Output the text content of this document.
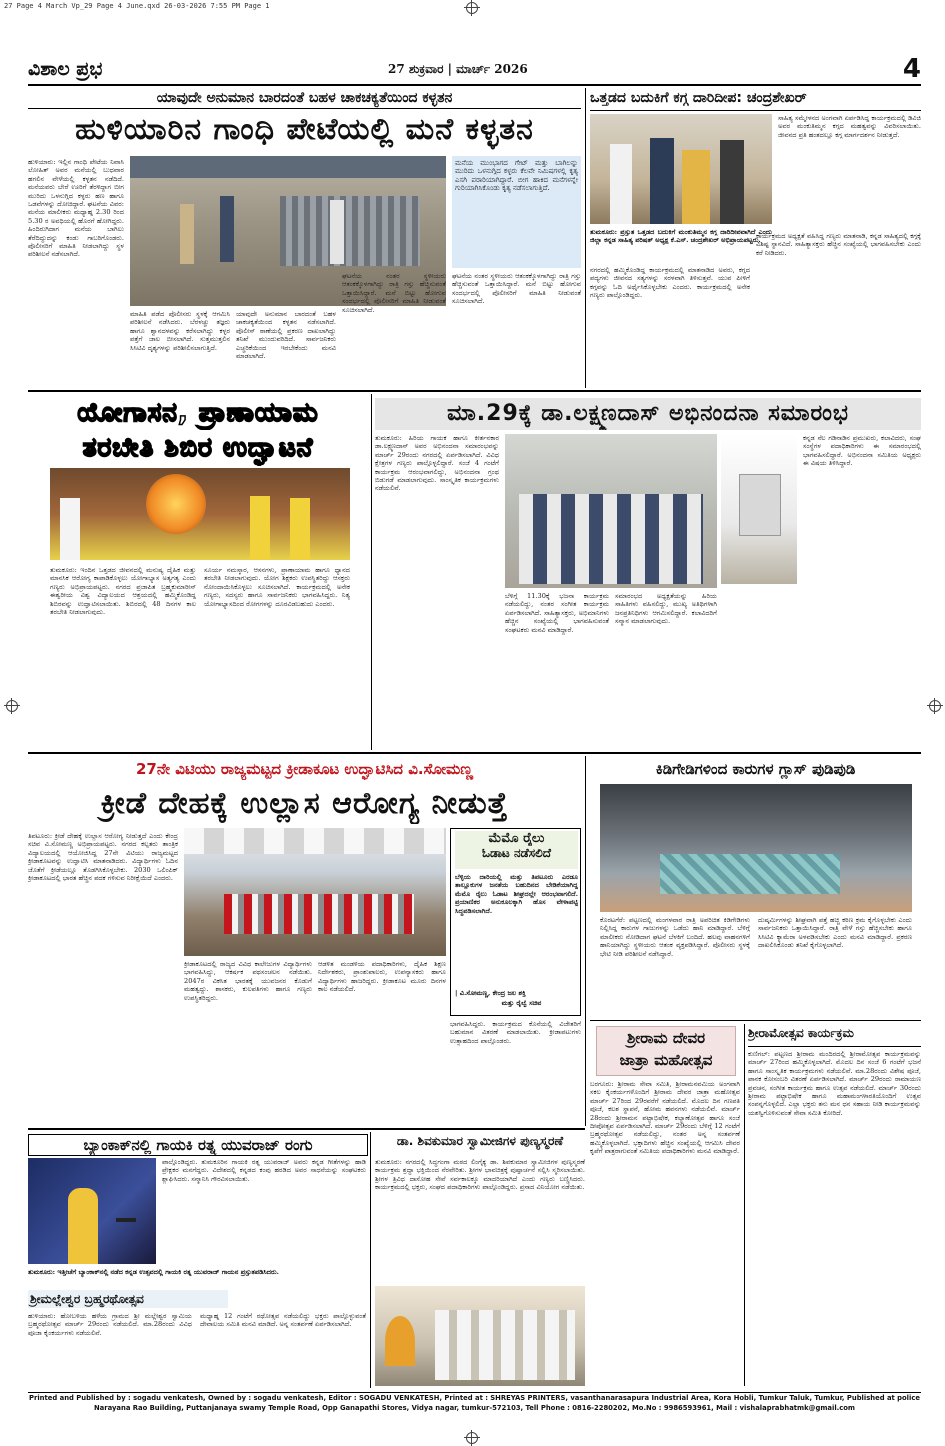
27 Page 4 March Vp_29 Page 4 June.qxd 26-03-2026 7:55 PM Page 1
ವಿಶಾಲ ಪ್ರಭ	27 ಶುಕ್ರವಾರ | ಮಾರ್ಚ್ 2026	4
ಯಾವುದೇ ಅನುಮಾನ ಬಾರದಂತೆ ಬಹಳ ಚಾಕಚಕ್ಯತೆಯಿಂದ ಕಳ್ಳತನ
ಹುಳಿಯಾರಿನ ಗಾಂಧಿ ಪೇಟೆಯಲ್ಲಿ ಮನೆ ಕಳ್ಳತನ
ಹುಳಿಯಾರು: ಇಲ್ಲಿನ ಗಾಂಧಿ ಪೇಟೆಯ ನಿವಾಸಿ ಲೋಹಿತ್ ಅವರ ಮನೆಯಲ್ಲಿ ಬುಧವಾರ ಹಗಲಿನ ವೇಳೆಯಲ್ಲಿ ಕಳ್ಳತನ ನಡೆದಿದೆ. ಮನೆಯವರು ಬೇರೆ ಊರಿಗೆ ತೆರಳಿದ್ದಾಗ ಬೀಗ ಮುರಿದು ಒಳನುಗ್ಗಿದ ಕಳ್ಳರು ಹಣ ಹಾಗೂ ಒಡವೆಗಳನ್ನು ದೋಚಿದ್ದಾರೆ. ಘಟನೆಯ ವಿವರ: ಮನೆಯ ಮಾಲೀಕರು ಮಧ್ಯಾಹ್ನ 2.30 ರಿಂದ 5.30 ರ ಅವಧಿಯಲ್ಲಿ ಹೊರಗೆ ಹೋಗಿದ್ದರು. ಹಿಂದಿರುಗಿದಾಗ ಮನೆಯ ಬಾಗಿಲು ತೆರೆದಿದ್ದುದನ್ನು ಕಂಡು ಗಾಬರಿಗೊಂಡರು. ಪೊಲೀಸರಿಗೆ ಮಾಹಿತಿ ನೀಡಲಾಗಿದ್ದು ಸ್ಥಳ ಪರಿಶೀಲನೆ ನಡೆಸಲಾಗಿದೆ.
ಮನೆಯ ಮುಂಭಾಗದ ಗೇಟ್ ಮತ್ತು ಬಾಗಿಲನ್ನು ಮುರಿದು ಒಳನುಗ್ಗಿದ ಕಳ್ಳರು ಕೆಲವೇ ನಿಮಿಷಗಳಲ್ಲಿ ಕೃತ್ಯ ಎಸಗಿ ಪರಾರಿಯಾಗಿದ್ದಾರೆ. ಬೀಗ ಹಾಕಿದ ಮನೆಗಳನ್ನೇ ಗುರಿಯಾಗಿಸಿಕೊಂಡು ಕೃತ್ಯ ನಡೆಸಲಾಗುತ್ತಿದೆ.
ಮಾಹಿತಿ ಪಡೆದ ಪೊಲೀಸರು ಸ್ಥಳಕ್ಕೆ ಆಗಮಿಸಿ ಪರಿಶೀಲನೆ ನಡೆಸಿದರು. ಬೆರಳಚ್ಚು ತಜ್ಞರು ಹಾಗೂ ಶ್ವಾನದಳವನ್ನು ಕರೆಸಲಾಗಿದ್ದು ಕಳ್ಳರ ಪತ್ತೆಗೆ ಜಾಲ ಬೀಸಲಾಗಿದೆ. ಸುತ್ತಮುತ್ತಲಿನ ಸಿಸಿಟಿವಿ ದೃಶ್ಯಗಳನ್ನು ಪರಿಶೀಲಿಸಲಾಗುತ್ತಿದೆ.
ಯಾವುದೇ ಅನುಮಾನ ಬಾರದಂತೆ ಬಹಳ ಚಾಕಚಕ್ಯತೆಯಿಂದ ಕಳ್ಳತನ ನಡೆಸಲಾಗಿದೆ. ಪೊಲೀಸ್ ಠಾಣೆಯಲ್ಲಿ ಪ್ರಕರಣ ದಾಖಲಾಗಿದ್ದು ತನಿಖೆ ಮುಂದುವರಿದಿದೆ. ಸಾರ್ವಜನಿಕರು ಎಚ್ಚರಿಕೆಯಿಂದ ಇರಬೇಕೆಂದು ಮನವಿ ಮಾಡಲಾಗಿದೆ.
ಘಟನೆಯ ನಂತರ ಸ್ಥಳೀಯರು ಆತಂಕಕ್ಕೊಳಗಾಗಿದ್ದು ರಾತ್ರಿ ಗಸ್ತು ಹೆಚ್ಚಿಸುವಂತೆ ಒತ್ತಾಯಿಸಿದ್ದಾರೆ. ಮನೆ ಬಿಟ್ಟು ಹೋಗುವ ಸಂದರ್ಭದಲ್ಲಿ ಪೊಲೀಸರಿಗೆ ಮಾಹಿತಿ ನೀಡುವಂತೆ ಸೂಚಿಸಲಾಗಿದೆ.
ಘಟನೆಯ ನಂತರ ಸ್ಥಳೀಯರು ಆತಂಕಕ್ಕೊಳಗಾಗಿದ್ದು ರಾತ್ರಿ ಗಸ್ತು ಹೆಚ್ಚಿಸುವಂತೆ ಒತ್ತಾಯಿಸಿದ್ದಾರೆ. ಮನೆ ಬಿಟ್ಟು ಹೋಗುವ ಸಂದರ್ಭದಲ್ಲಿ ಪೊಲೀಸರಿಗೆ ಮಾಹಿತಿ ನೀಡುವಂತೆ ಸೂಚಿಸಲಾಗಿದೆ.
ಒತ್ತಡದ ಬದುಕಿಗೆ ಕಗ್ಗ ದಾರಿದೀಪ: ಚಂದ್ರಶೇಖರ್
ಸಾಹಿತ್ಯ ಸಮ್ಮೇಳನದ ಅಂಗವಾಗಿ ಏರ್ಪಡಿಸಿದ್ದ ಕಾರ್ಯಕ್ರಮದಲ್ಲಿ ಡಿವಿಜಿ ಅವರ ಮಂಕುತಿಮ್ಮನ ಕಗ್ಗದ ಮಹತ್ವವನ್ನು ವಿವರಿಸಲಾಯಿತು. ಜೀವನದ ಪ್ರತಿ ಹಂತದಲ್ಲೂ ಕಗ್ಗ ಮಾರ್ಗದರ್ಶನ ನೀಡುತ್ತದೆ.
ತುಮಕೂರು: ಪ್ರಸ್ತುತ ಒತ್ತಡದ ಬದುಕಿಗೆ ಮಂಕುತಿಮ್ಮನ ಕಗ್ಗ ದಾರಿದೀಪವಾಗಿದೆ ಎಂದು ಜಿಲ್ಲಾ ಕನ್ನಡ ಸಾಹಿತ್ಯ ಪರಿಷತ್ ಅಧ್ಯಕ್ಷ ಕೆ.ಎಸ್. ಚಂದ್ರಶೇಖರ್ ಅಭಿಪ್ರಾಯಪಟ್ಟರು.
ನಗರದಲ್ಲಿ ಹಮ್ಮಿಕೊಂಡಿದ್ದ ಕಾರ್ಯಕ್ರಮದಲ್ಲಿ ಮಾತನಾಡಿದ ಅವರು, ಕಗ್ಗದ ಪದ್ಯಗಳು ಜೀವನದ ಸತ್ಯಗಳನ್ನು ಸರಳವಾಗಿ ತಿಳಿಸುತ್ತವೆ. ಯುವ ಪೀಳಿಗೆ ಕಗ್ಗವನ್ನು ಓದಿ ಅರ್ಥೈಸಿಕೊಳ್ಳಬೇಕು ಎಂದರು. ಕಾರ್ಯಕ್ರಮದಲ್ಲಿ ಅನೇಕ ಗಣ್ಯರು ಪಾಲ್ಗೊಂಡಿದ್ದರು.
ಕಾರ್ಯಕ್ರಮದ ಅಧ್ಯಕ್ಷತೆ ವಹಿಸಿದ್ದ ಗಣ್ಯರು ಮಾತನಾಡಿ, ಕನ್ನಡ ಸಾಹಿತ್ಯದಲ್ಲಿ ಕಗ್ಗಕ್ಕೆ ವಿಶಿಷ್ಟ ಸ್ಥಾನವಿದೆ. ಸಾಹಿತ್ಯಾಸಕ್ತರು ಹೆಚ್ಚಿನ ಸಂಖ್ಯೆಯಲ್ಲಿ ಭಾಗವಹಿಸಬೇಕು ಎಂದು ಕರೆ ನೀಡಿದರು.
ಯೋಗಾಸನ, ಪ್ರಾಣಾಯಾಮ
ತರಬೇತಿ ಶಿಬಿರ ಉದ್ಘಾಟನೆ
ತುಮಕೂರು: ಇಂದಿನ ಒತ್ತಡದ ಜೀವನದಲ್ಲಿ ಮನುಷ್ಯ ದೈಹಿಕ ಮತ್ತು ಮಾನಸಿಕ ಆರೋಗ್ಯ ಕಾಪಾಡಿಕೊಳ್ಳಲು ಯೋಗಾಭ್ಯಾಸ ಅತ್ಯಗತ್ಯ ಎಂದು ಗಣ್ಯರು ಅಭಿಪ್ರಾಯಪಟ್ಟರು. ನಗರದ ಪ್ರಜಾಪಿತ ಬ್ರಹ್ಮಕುಮಾರೀಸ್ ಈಶ್ವರೀಯ ವಿಶ್ವ ವಿದ್ಯಾಲಯದ ಆಶ್ರಯದಲ್ಲಿ ಹಮ್ಮಿಕೊಂಡಿದ್ದ ಶಿಬಿರವನ್ನು ಉದ್ಘಾಟಿಸಲಾಯಿತು. ಶಿಬಿರದಲ್ಲಿ 48 ದಿನಗಳ ಕಾಲ ತರಬೇತಿ ನೀಡಲಾಗುವುದು.
ಸೂರ್ಯ ನಮಸ್ಕಾರ, ಆಸನಗಳು, ಪ್ರಾಣಾಯಾಮ ಹಾಗೂ ಧ್ಯಾನದ ತರಬೇತಿ ನೀಡಲಾಗುವುದು. ಯೋಗ ಶಿಕ್ಷಕರು ಉಪಸ್ಥಿತರಿದ್ದು ಆಸಕ್ತರು ನೋಂದಾಯಿಸಿಕೊಳ್ಳಲು ಸೂಚಿಸಲಾಗಿದೆ. ಕಾರ್ಯಕ್ರಮದಲ್ಲಿ ಅನೇಕ ಗಣ್ಯರು, ಸದಸ್ಯರು ಹಾಗೂ ಸಾರ್ವಜನಿಕರು ಭಾಗವಹಿಸಿದ್ದರು. ನಿತ್ಯ ಯೋಗಾಭ್ಯಾಸದಿಂದ ರೋಗಗಳನ್ನು ದೂರವಿಡಬಹುದು ಎಂದರು.
ಮಾ.29ಕ್ಕೆ ಡಾ.ಲಕ್ಷ್ಮಣದಾಸ್ ಅಭಿನಂದನಾ ಸಮಾರಂಭ
ತುಮಕೂರು: ಹಿರಿಯ ಗಾಯಕ ಹಾಗೂ ಕೀರ್ತನಕಾರ ಡಾ.ಲಕ್ಷ್ಮಣದಾಸ್ ಅವರ ಅಭಿನಂದನಾ ಸಮಾರಂಭವನ್ನು ಮಾರ್ಚ್ 29ರಂದು ನಗರದಲ್ಲಿ ಏರ್ಪಡಿಸಲಾಗಿದೆ. ವಿವಿಧ ಕ್ಷೇತ್ರಗಳ ಗಣ್ಯರು ಪಾಲ್ಗೊಳ್ಳಲಿದ್ದಾರೆ. ಸಂಜೆ 4 ಗಂಟೆಗೆ ಕಾರ್ಯಕ್ರಮ ಆರಂಭವಾಗಲಿದ್ದು, ಅಭಿನಂದನಾ ಗ್ರಂಥ ಬಿಡುಗಡೆ ಮಾಡಲಾಗುವುದು. ಸಾಂಸ್ಕೃತಿಕ ಕಾರ್ಯಕ್ರಮಗಳು ನಡೆಯಲಿವೆ.
ಬೆಳಿಗ್ಗೆ 11.30ಕ್ಕೆ ಭಜನಾ ಕಾರ್ಯಕ್ರಮ ನಡೆಯಲಿದ್ದು, ನಂತರ ಸಂಗೀತ ಕಾರ್ಯಕ್ರಮ ಏರ್ಪಡಿಸಲಾಗಿದೆ. ಸಾಹಿತ್ಯಾಸಕ್ತರು, ಅಭಿಮಾನಿಗಳು ಹೆಚ್ಚಿನ ಸಂಖ್ಯೆಯಲ್ಲಿ ಭಾಗವಹಿಸುವಂತೆ ಸಂಘಟಕರು ಮನವಿ ಮಾಡಿದ್ದಾರೆ.
ಸಮಾರಂಭದ ಅಧ್ಯಕ್ಷತೆಯನ್ನು ಹಿರಿಯ ಸಾಹಿತಿಗಳು ವಹಿಸಲಿದ್ದು, ಮುಖ್ಯ ಅತಿಥಿಗಳಾಗಿ ಜನಪ್ರತಿನಿಧಿಗಳು ಆಗಮಿಸಲಿದ್ದಾರೆ. ಕಲಾವಿದರಿಗೆ ಸನ್ಮಾನ ಮಾಡಲಾಗುವುದು.
ಕನ್ನಡ ನೆಲ ಗಡಿನಾಡಿನ ಪ್ರಮುಖರು, ಕಲಾವಿದರು, ಸಂಘ ಸಂಸ್ಥೆಗಳ ಪದಾಧಿಕಾರಿಗಳು ಈ ಸಮಾರಂಭದಲ್ಲಿ ಭಾಗವಹಿಸಲಿದ್ದಾರೆ. ಅಭಿನಂದನಾ ಸಮಿತಿಯ ಅಧ್ಯಕ್ಷರು ಈ ವಿಷಯ ತಿಳಿಸಿದ್ದಾರೆ.
27ನೇ ವಿಟಿಯು ರಾಜ್ಯಮಟ್ಟದ ಕ್ರೀಡಾಕೂಟ ಉದ್ಘಾಟಿಸಿದ ವಿ.ಸೋಮಣ್ಣ
ಕ್ರೀಡೆ ದೇಹಕ್ಕೆ ಉಲ್ಲಾಸ ಆರೋಗ್ಯ ನೀಡುತ್ತೆ
ತಿಪಟೂರು: ಕ್ರೀಡೆ ದೇಹಕ್ಕೆ ಉಲ್ಲಾಸ ಆರೋಗ್ಯ ನೀಡುತ್ತದೆ ಎಂದು ಕೇಂದ್ರ ಸಚಿವ ವಿ.ಸೋಮಣ್ಣ ಅಭಿಪ್ರಾಯಪಟ್ಟರು. ನಗರದ ಕಲ್ಪತರು ತಾಂತ್ರಿಕ ವಿದ್ಯಾಲಯದಲ್ಲಿ ಆಯೋಜಿಸಿದ್ದ 27ನೇ ವಿಟಿಯು ರಾಜ್ಯಮಟ್ಟದ ಕ್ರೀಡಾಕೂಟವನ್ನು ಉದ್ಘಾಟಿಸಿ ಮಾತನಾಡಿದರು. ವಿದ್ಯಾರ್ಥಿಗಳು ಓದಿನ ಜೊತೆಗೆ ಕ್ರೀಡೆಯಲ್ಲೂ ತೊಡಗಿಸಿಕೊಳ್ಳಬೇಕು. 2030 ಒಲಿಂಪಿಕ್ ಕ್ರೀಡಾಕೂಟದಲ್ಲಿ ಭಾರತ ಹೆಚ್ಚಿನ ಪದಕ ಗಳಿಸುವ ನಿರೀಕ್ಷೆಯಿದೆ ಎಂದರು.
ಮೆಮೊ ರೈಲು
ಓಡಾಟ ನಡೆಸಲಿದೆ
ಬೆಳ್ಳಿಯ ದಾರಿಯಲ್ಲಿ ಮತ್ತು ತಿಪಟೂರು ಎರಡೂ ತಾಲ್ಲೂಕುಗಳ ಜನತೆಯ ಬಹುದಿನದ ಬೇಡಿಕೆಯಾಗಿದ್ದ ಮೆಮೊ ರೈಲು ಓಡಾಟ ಶೀಘ್ರದಲ್ಲೇ ಆರಂಭವಾಗಲಿದೆ. ಪ್ರಯಾಣಿಕರ ಅನುಕೂಲಕ್ಕಾಗಿ ಹೊಸ ವೇಳಾಪಟ್ಟಿ ಸಿದ್ಧಪಡಿಸಲಾಗಿದೆ.
| ವಿ.ಸೋಮಣ್ಣ, ಕೇಂದ್ರ ಜಲ ಶಕ್ತಿ
ಮತ್ತು ರೈಲ್ವೆ ಸಚಿವ
ಕ್ರೀಡಾಕೂಟದಲ್ಲಿ ರಾಜ್ಯದ ವಿವಿಧ ಕಾಲೇಜುಗಳ ವಿದ್ಯಾರ್ಥಿಗಳು ಭಾಗವಹಿಸಿದ್ದು, ಆಕರ್ಷಕ ಪಥಸಂಚಲನ ನಡೆಯಿತು. 2047ರ ವಿಕಸಿತ ಭಾರತಕ್ಕೆ ಯುವಜನರ ಕೊಡುಗೆ ಮಹತ್ವದ್ದು. ಶಾಸಕರು, ಕುಲಪತಿಗಳು ಹಾಗೂ ಗಣ್ಯರು ಉಪಸ್ಥಿತರಿದ್ದರು.
ಆಡಳಿತ ಮಂಡಳಿಯ ಪದಾಧಿಕಾರಿಗಳು, ದೈಹಿಕ ಶಿಕ್ಷಣ ನಿರ್ದೇಶಕರು, ಪ್ರಾಂಶುಪಾಲರು, ಉಪನ್ಯಾಸಕರು ಹಾಗೂ ವಿದ್ಯಾರ್ಥಿಗಳು ಹಾಜರಿದ್ದರು. ಕ್ರೀಡಾಕೂಟ ಮೂರು ದಿನಗಳ ಕಾಲ ನಡೆಯಲಿದೆ.
ಭಾಗವಹಿಸಿದ್ದರು. ಕಾರ್ಯಕ್ರಮದ ಕೊನೆಯಲ್ಲಿ ವಿಜೇತರಿಗೆ ಬಹುಮಾನ ವಿತರಣೆ ಮಾಡಲಾಯಿತು. ಕ್ರೀಡಾಪಟುಗಳು ಉತ್ಸಾಹದಿಂದ ಪಾಲ್ಗೊಂಡರು.
ಕಿಡಿಗೇಡಿಗಳಿಂದ ಕಾರುಗಳ ಗ್ಲಾಸ್ ಪುಡಿಪುಡಿ
ಕೊರಟಗೆರೆ: ಪಟ್ಟಣದಲ್ಲಿ ಮಂಗಳವಾರ ರಾತ್ರಿ ಅಪರಿಚಿತ ಕಿಡಿಗೇಡಿಗಳು ನಿಲ್ಲಿಸಿದ್ದ ಕಾರುಗಳ ಗಾಜುಗಳನ್ನು ಒಡೆದು ಹಾನಿ ಮಾಡಿದ್ದಾರೆ. ಬೆಳಿಗ್ಗೆ ಮಾಲೀಕರು ನೋಡಿದಾಗ ಘಟನೆ ಬೆಳಕಿಗೆ ಬಂದಿದೆ. ಹಲವು ವಾಹನಗಳಿಗೆ ಹಾನಿಯಾಗಿದ್ದು ಸ್ಥಳೀಯರು ಆತಂಕ ವ್ಯಕ್ತಪಡಿಸಿದ್ದಾರೆ. ಪೊಲೀಸರು ಸ್ಥಳಕ್ಕೆ ಭೇಟಿ ನೀಡಿ ಪರಿಶೀಲನೆ ನಡೆಸಿದ್ದಾರೆ.
ದುಷ್ಕರ್ಮಿಗಳನ್ನು ಶೀಘ್ರವಾಗಿ ಪತ್ತೆ ಹಚ್ಚಿ ಕಠಿಣ ಕ್ರಮ ಕೈಗೊಳ್ಳಬೇಕು ಎಂದು ಸಾರ್ವಜನಿಕರು ಒತ್ತಾಯಿಸಿದ್ದಾರೆ. ರಾತ್ರಿ ವೇಳೆ ಗಸ್ತು ಹೆಚ್ಚಿಸಬೇಕು ಹಾಗೂ ಸಿಸಿಟಿವಿ ಕ್ಯಾಮೆರಾ ಅಳವಡಿಸಬೇಕು ಎಂದು ಮನವಿ ಮಾಡಿದ್ದಾರೆ. ಪ್ರಕರಣ ದಾಖಲಿಸಿಕೊಂಡು ತನಿಖೆ ಕೈಗೊಳ್ಳಲಾಗಿದೆ.
ಶ್ರೀರಾಮ ದೇವರ
ಜಾತ್ರಾ ಮಹೋತ್ಸವ
ಬರಗೂರು: ಶ್ರೀರಾಮ ಸೇವಾ ಸಮಿತಿ, ಶ್ರೀರಾಮನವಮಿಯ ಅಂಗವಾಗಿ ಸಕಲ ಕೈಂಕರ್ಯಗಳೊಂದಿಗೆ ಶ್ರೀರಾಮ ದೇವರ ಜಾತ್ರಾ ಮಹೋತ್ಸವ ಮಾರ್ಚ್ 27ರಿಂದ 29ರವರೆಗೆ ನಡೆಯಲಿದೆ. ಮೊದಲ ದಿನ ಗಣಪತಿ ಪೂಜೆ, ಕಲಶ ಸ್ಥಾಪನೆ, ಹೋಮ ಹವನಗಳು ನಡೆಯಲಿವೆ. ಮಾರ್ಚ್ 28ರಂದು ಶ್ರೀರಾಮನ ಪಟ್ಟಾಭಿಷೇಕ, ಕಲ್ಯಾಣೋತ್ಸವ ಹಾಗೂ ಸಂಜೆ ದೀಪೋತ್ಸವ ಏರ್ಪಡಿಸಲಾಗಿದೆ. ಮಾರ್ಚ್ 29ರಂದು ಬೆಳಿಗ್ಗೆ 12 ಗಂಟೆಗೆ ಬ್ರಹ್ಮರಥೋತ್ಸವ ನಡೆಯಲಿದ್ದು, ನಂತರ ಅನ್ನ ಸಂತರ್ಪಣೆ ಹಮ್ಮಿಕೊಳ್ಳಲಾಗಿದೆ. ಭಕ್ತಾದಿಗಳು ಹೆಚ್ಚಿನ ಸಂಖ್ಯೆಯಲ್ಲಿ ಆಗಮಿಸಿ ದೇವರ ಕೃಪೆಗೆ ಪಾತ್ರರಾಗುವಂತೆ ಸಮಿತಿಯ ಪದಾಧಿಕಾರಿಗಳು ಮನವಿ ಮಾಡಿದ್ದಾರೆ.
ಶ್ರೀರಾಮೋತ್ಸವ ಕಾರ್ಯಕ್ರಮ
ಕುಣಿಗಲ್: ಪಟ್ಟಣದ ಶ್ರೀರಾಮ ಮಂದಿರದಲ್ಲಿ ಶ್ರೀರಾಮೋತ್ಸವ ಕಾರ್ಯಕ್ರಮವನ್ನು ಮಾರ್ಚ್ 27ರಿಂದ ಹಮ್ಮಿಕೊಳ್ಳಲಾಗಿದೆ. ಮೊದಲ ದಿನ ಸಂಜೆ 6 ಗಂಟೆಗೆ ಭಜನೆ ಹಾಗೂ ಸಾಂಸ್ಕೃತಿಕ ಕಾರ್ಯಕ್ರಮಗಳು ನಡೆಯಲಿವೆ. ಮಾ.28ರಂದು ವಿಶೇಷ ಪೂಜೆ, ಪಾನಕ ಕೋಸಂಬರಿ ವಿತರಣೆ ಏರ್ಪಡಿಸಲಾಗಿದೆ. ಮಾರ್ಚ್ 29ರಂದು ರಾಮಾಯಣ ಪ್ರವಚನ, ಸಂಗೀತ ಕಾರ್ಯಕ್ರಮ ಹಾಗೂ ಉತ್ಸವ ನಡೆಯಲಿದೆ. ಮಾರ್ಚ್ 30ರಂದು ಶ್ರೀರಾಮ ಪಟ್ಟಾಭಿಷೇಕ ಹಾಗೂ ಮಹಾಮಂಗಳಾರತಿಯೊಂದಿಗೆ ಉತ್ಸವ ಸಂಪನ್ನಗೊಳ್ಳಲಿದೆ. ಎಲ್ಲಾ ಭಕ್ತರು ತನು ಮನ ಧನ ಸಹಾಯ ನೀಡಿ ಕಾರ್ಯಕ್ರಮವನ್ನು ಯಶಸ್ವಿಗೊಳಿಸುವಂತೆ ಸೇವಾ ಸಮಿತಿ ಕೋರಿದೆ.
ಬ್ಯಾಂಕಾಕ್‌ನಲ್ಲಿ ಗಾಯಕಿ ರತ್ನ ಯುವರಾಜ್ ರಂಗು
ಪಾಲ್ಗೊಂಡಿದ್ದರು. ತುಮಕೂರಿನ ಗಾಯಕಿ ರತ್ನ ಯುವರಾಜ್ ಅವರು ಕನ್ನಡ ಗೀತೆಗಳನ್ನು ಹಾಡಿ ಪ್ರೇಕ್ಷಕರ ಮನಗೆದ್ದರು. ವಿದೇಶದಲ್ಲಿ ಕನ್ನಡದ ಕಂಪು ಹರಡಿದ ಅವರ ಸಾಧನೆಯನ್ನು ಸಂಘಟಕರು ಶ್ಲಾಘಿಸಿದರು. ಸನ್ಮಾನಿಸಿ ಗೌರವಿಸಲಾಯಿತು.
ತುಮಕೂರು: ಇತ್ತೀಚೆಗೆ ಬ್ಯಾಂಕಾಕ್‌ನಲ್ಲಿ ನಡೆದ ಕನ್ನಡ ಉತ್ಸವದಲ್ಲಿ ಗಾಯಕಿ ರತ್ನ ಯುವರಾಜ್ ಗಾಯನ ಪ್ರಸ್ತುತಪಡಿಸಿದರು.
ಶ್ರೀಮಲ್ಲೇಶ್ವರ ಬ್ರಹ್ಮರಥೋತ್ಸವ
ಹುಳಿಯಾರು: ಹೋಬಳಿಯ ಹಳೆಯ ಗ್ರಾಮದ ಶ್ರೀ ಮಲ್ಲೇಶ್ವರ ಸ್ವಾಮಿಯ ಬ್ರಹ್ಮರಥೋತ್ಸವ ಮಾರ್ಚ್ 29ರಂದು ನಡೆಯಲಿದೆ. ಮಾ.28ರಂದು ವಿವಿಧ ಪೂಜಾ ಕೈಂಕರ್ಯಗಳು ನಡೆಯಲಿವೆ.
ಮಧ್ಯಾಹ್ನ 12 ಗಂಟೆಗೆ ರಥೋತ್ಸವ ನಡೆಯಲಿದ್ದು ಭಕ್ತರು ಪಾಲ್ಗೊಳ್ಳುವಂತೆ ದೇವಾಲಯ ಸಮಿತಿ ಮನವಿ ಮಾಡಿದೆ. ಅನ್ನ ಸಂತರ್ಪಣೆ ಏರ್ಪಡಿಸಲಾಗಿದೆ.
ಡಾ. ಶಿವಕುಮಾರ ಸ್ವಾಮೀಜಿಗಳ ಪುಣ್ಯಸ್ಮರಣೆ
ತುಮಕೂರು: ನಗರದಲ್ಲಿ ಸಿದ್ಧಗಂಗಾ ಮಠದ ಲಿಂಗೈಕ್ಯ ಡಾ. ಶಿವಕುಮಾರ ಸ್ವಾಮೀಜಿಗಳ ಪುಣ್ಯಸ್ಮರಣೆ ಕಾರ್ಯಕ್ರಮ ಶ್ರದ್ಧಾ ಭಕ್ತಿಯಿಂದ ನೆರವೇರಿತು. ಶ್ರೀಗಳ ಭಾವಚಿತ್ರಕ್ಕೆ ಪುಷ್ಪಾರ್ಚನೆ ಸಲ್ಲಿಸಿ ಸ್ಮರಿಸಲಾಯಿತು. ಶ್ರೀಗಳ ತ್ರಿವಿಧ ದಾಸೋಹ ಸೇವೆ ಸರ್ವಕಾಲಕ್ಕೂ ಮಾದರಿಯಾಗಿದೆ ಎಂದು ಗಣ್ಯರು ಬಣ್ಣಿಸಿದರು. ಕಾರ್ಯಕ್ರಮದಲ್ಲಿ ಭಕ್ತರು, ಸಂಘದ ಪದಾಧಿಕಾರಿಗಳು ಪಾಲ್ಗೊಂಡಿದ್ದರು. ಪ್ರಸಾದ ವಿನಿಯೋಗ ನಡೆಯಿತು.
Printed and Published by : sogadu venkatesh, Owned by : sogadu venkatesh, Editor : SOGADU VENKATESH, Printed at : SHREYAS PRINTERS, vasanthanarasapura Industrial Area, Kora Hobli, Tumkur Taluk, Tumkur, Published at police
Narayana Rao Building, Puttanjanaya swamy Temple Road, Opp Ganapathi Stores, Vidya nagar, tumkur-572103, Tell Phone : 0816-2280202, Mo.No : 9986593961, Mail : vishalaprabhatmk@gmail.com
